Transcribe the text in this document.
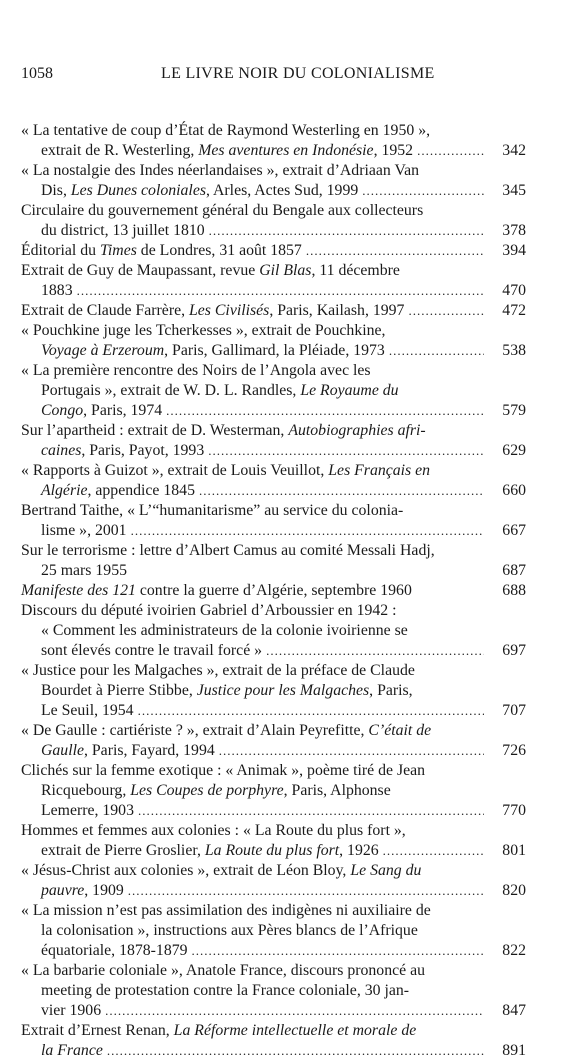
1058	LE LIVRE NOIR DU COLONIALISME
« La tentative de coup d’État de Raymond Westerling en 1950 »,
extrait de R. Westerling, Mes aventures en Indonésie, 1952 .....	342
« La nostalgie des Indes néerlandaises », extrait d’Adriaan Van
Dis, Les Dunes coloniales, Arles, Actes Sud, 1999 .....	345
Circulaire du gouvernement général du Bengale aux collecteurs
du district, 13 juillet 1810 .....	378
Éditorial du Times de Londres, 31 août 1857 .....	394
Extrait de Guy de Maupassant, revue Gil Blas, 11 décembre
1883 .....	470
Extrait de Claude Farrère, Les Civilisés, Paris, Kailash, 1997 .....	472
« Pouchkine juge les Tcherkesses », extrait de Pouchkine,
Voyage à Erzeroum, Paris, Gallimard, la Pléiade, 1973 .....	538
« La première rencontre des Noirs de l’Angola avec les
Portugais », extrait de W. D. L. Randles, Le Royaume du
Congo, Paris, 1974 .....	579
Sur l’apartheid : extrait de D. Westerman, Autobiographies afri-
caines, Paris, Payot, 1993 .....	629
« Rapports à Guizot », extrait de Louis Veuillot, Les Français en
Algérie, appendice 1845 .....	660
Bertrand Taithe, « L’“humanitarisme” au service du colonia-
lisme », 2001 .....	667
Sur le terrorisme : lettre d’Albert Camus au comité Messali Hadj,
25 mars 1955	687
Manifeste des 121 contre la guerre d’Algérie, septembre 1960	688
Discours du député ivoirien Gabriel d’Arboussier en 1942 :
« Comment les administrateurs de la colonie ivoirienne se
sont élevés contre le travail forcé » .....	697
« Justice pour les Malgaches », extrait de la préface de Claude
Bourdet à Pierre Stibbe, Justice pour les Malgaches, Paris,
Le Seuil, 1954 .....	707
« De Gaulle : cartiériste ? », extrait d’Alain Peyrefitte, C’était de
Gaulle, Paris, Fayard, 1994 .....	726
Clichés sur la femme exotique : « Animak », poème tiré de Jean
Ricquebourg, Les Coupes de porphyre, Paris, Alphonse
Lemerre, 1903 .....	770
Hommes et femmes aux colonies : « La Route du plus fort »,
extrait de Pierre Groslier, La Route du plus fort, 1926 .....	801
« Jésus-Christ aux colonies », extrait de Léon Bloy, Le Sang du
pauvre, 1909 .....	820
« La mission n’est pas assimilation des indigènes ni auxiliaire de
la colonisation », instructions aux Pères blancs de l’Afrique
équatoriale, 1878-1879 .....	822
« La barbarie coloniale », Anatole France, discours prononcé au
meeting de protestation contre la France coloniale, 30 jan-
vier 1906 .....	847
Extrait d’Ernest Renan, La Réforme intellectuelle et morale de
la France .....	891
